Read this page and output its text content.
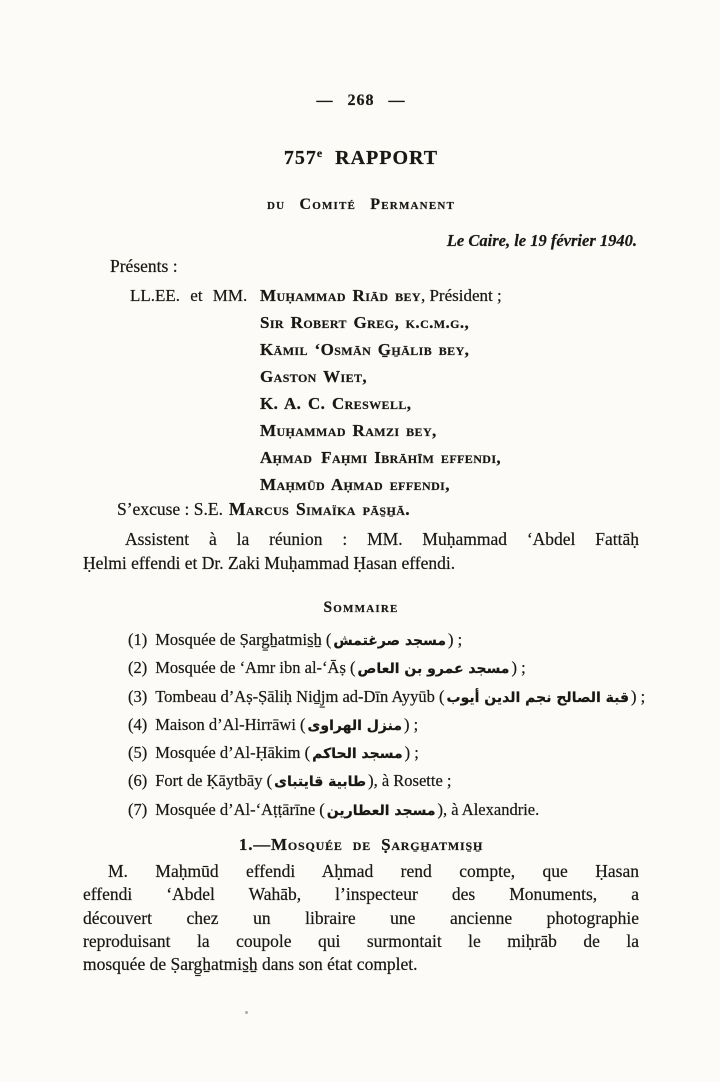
— 268 —
757e RAPPORT
du Comité Permanent
Le Caire, le 19 février 1940.
Présents :
LL.EE. et MM. Muḥammad Riād bey, Président ;
Sir Robert Greg, k.c.m.g.,
Kāmil ‘Osmān G̱ẖālib bey,
Gaston Wiet,
K. A. C. Creswell,
Muḥammad Ramzi bey,
Aḥmad Faḥmi Ibrāhīm effendi,
Maḥmūd Aḥmad effendi,
S’excuse : S.E. Marcus Simaïka pās̱ẖā.
Assistent à la réunion : MM. Muḥammad ‘Abdel Fattāḥ
Ḥelmi effendi et Dr. Zaki Muḥammad Ḥasan effendi.
Sommaire
(1) Mosquée de Ṣarg̱ẖatmis̱ẖ ( مسجد صرغتمش ) ;
(2) Mosquée de ‘Amr ibn al-‘Āṣ ( مسجد عمرو بن العاص ) ;
(3) Tombeau d’Aṣ-Ṣāliḥ Niḏj̱m ad-Dīn Ayyūb ( قبة الصالح نجم الدين أيوب ) ;
(4) Maison d’Al-Hirrāwi ( منزل الهراوى ) ;
(5) Mosquée d’Al-Ḥākim ( مسجد الحاكم ) ;
(6) Fort de Ḳāytbāy ( طابية قايتباى ), à Rosette ;
(7) Mosquée d’Al-‘Aṭṭārīne ( مسجد العطارين ), à Alexandrie.
1.—Mosquée de Ṣarg̱ẖatmis̱ẖ
M. Maḥmūd effendi Aḥmad rend compte, que Ḥasan
effendi ‘Abdel Wahāb, l’inspecteur des Monuments, a
découvert chez un libraire une ancienne photographie
reproduisant la coupole qui surmontait le miḥrāb de la
mosquée de Ṣarg̱ẖatmis̱ẖ dans son état complet.
